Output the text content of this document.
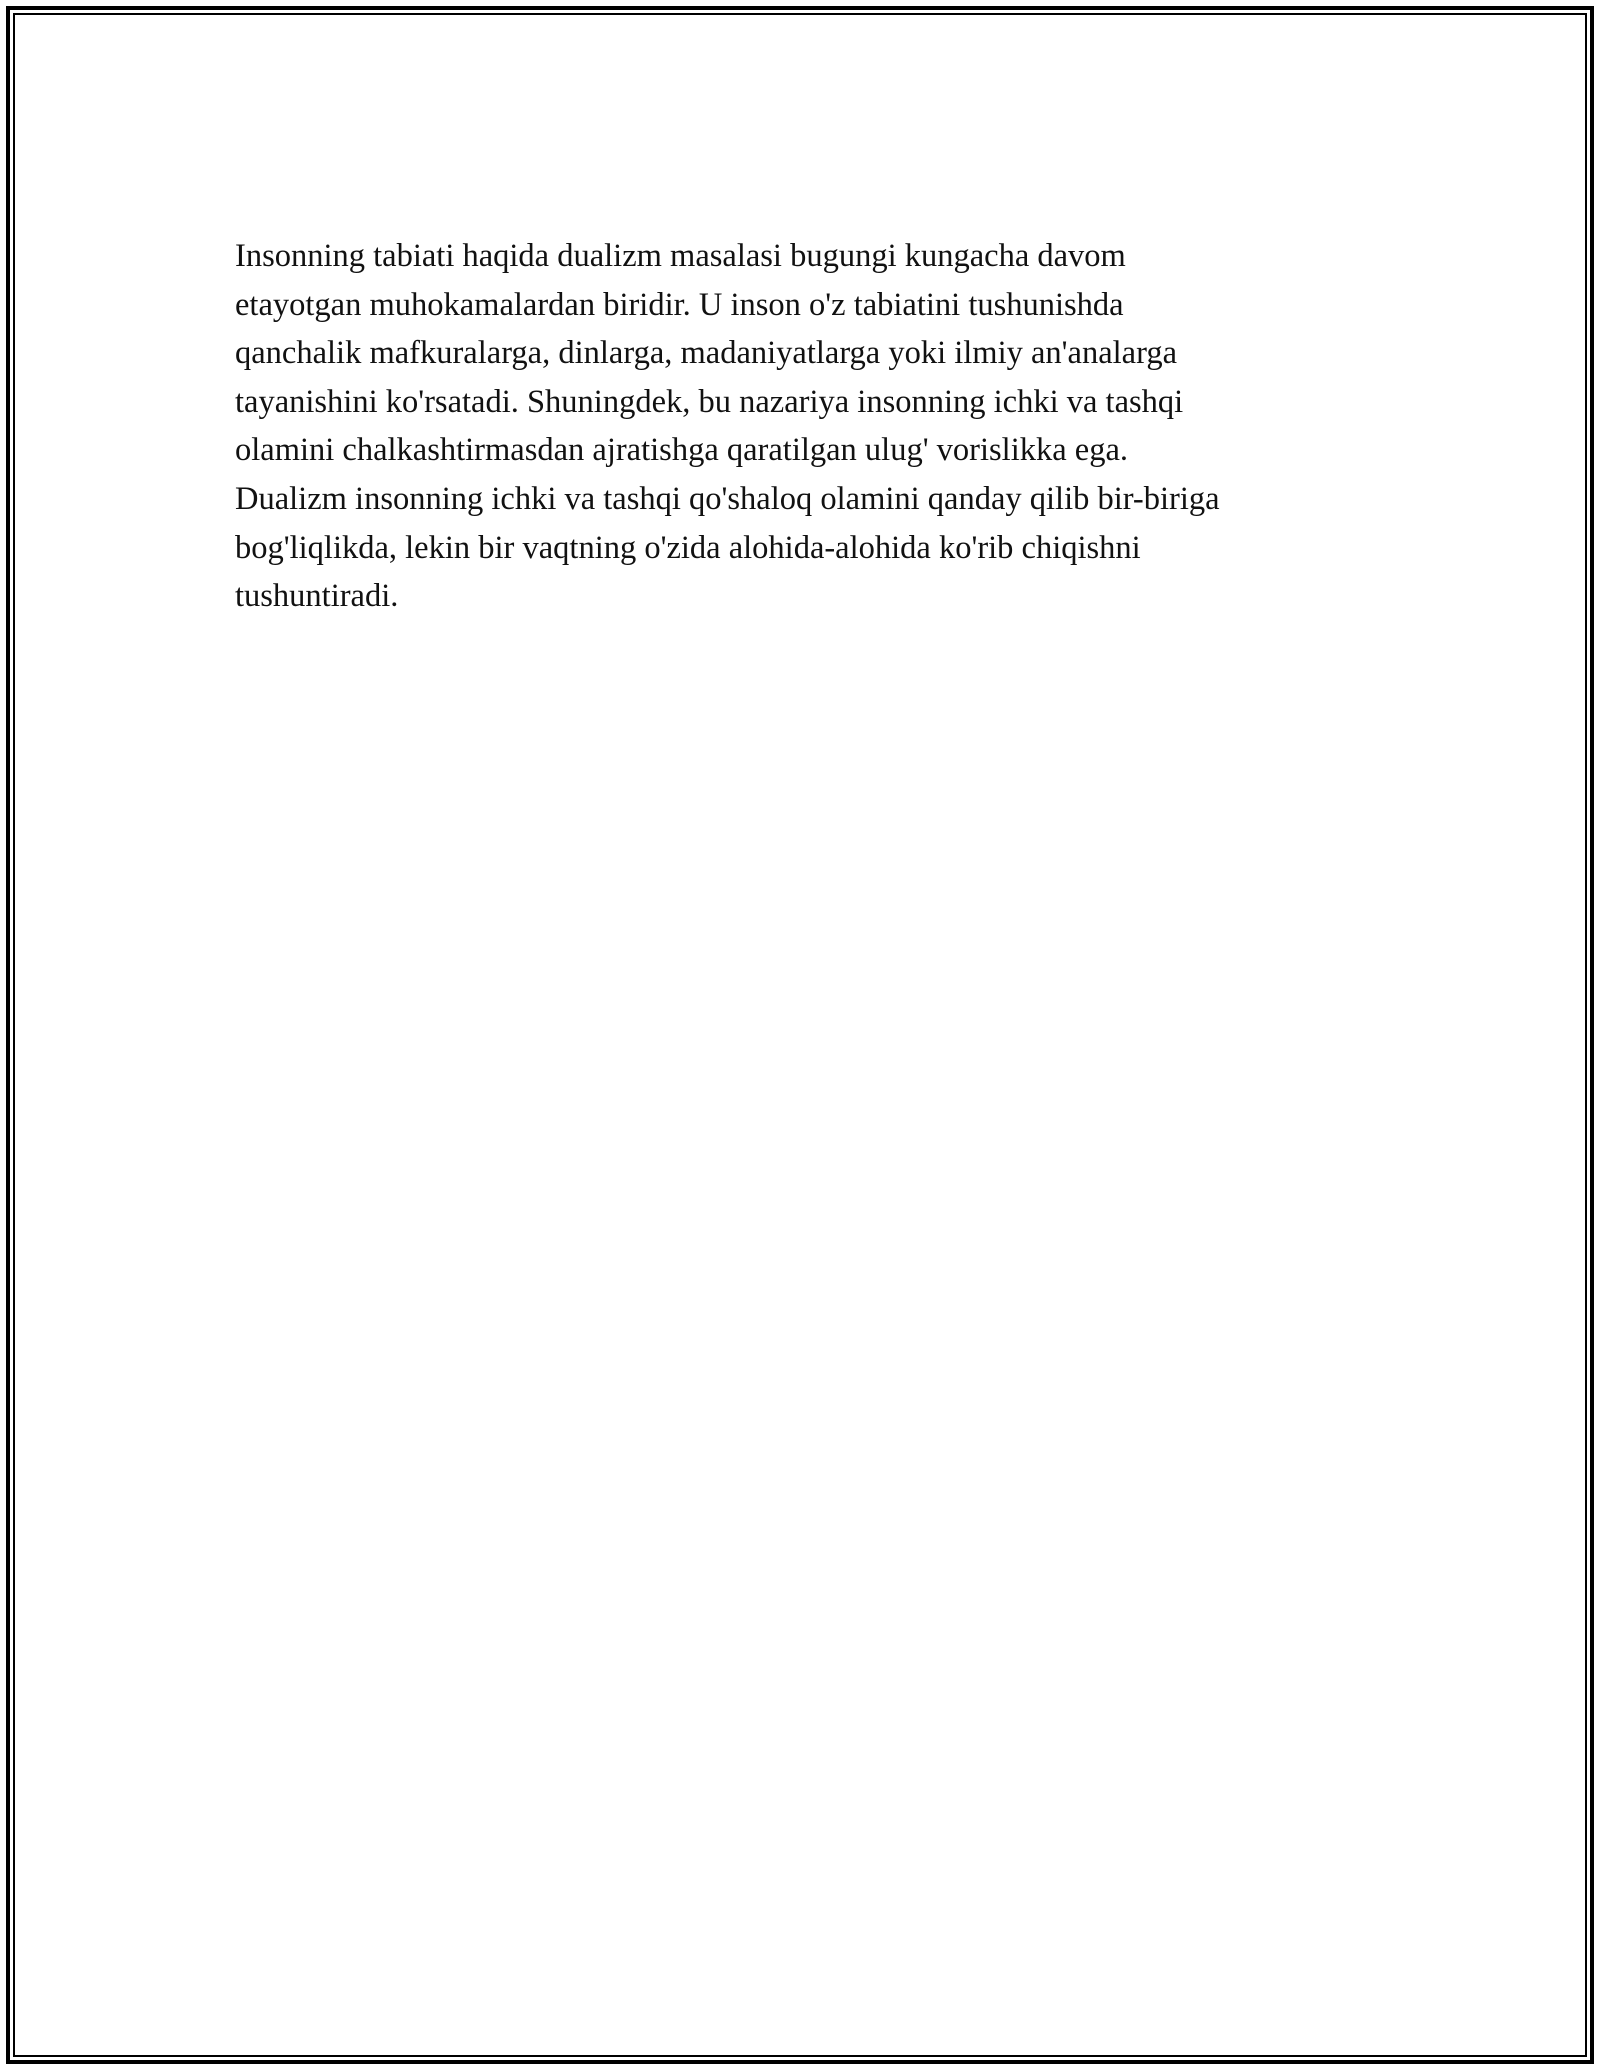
Insonning tabiati haqida dualizm masalasi bugungi kungacha davom
etayotgan muhokamalardan biridir. U inson o'z tabiatini tushunishda
qanchalik mafkuralarga, dinlarga, madaniyatlarga yoki ilmiy an'analarga
tayanishini ko'rsatadi. Shuningdek, bu nazariya insonning ichki va tashqi
olamini chalkashtirmasdan ajratishga qaratilgan ulug' vorislikka ega.
Dualizm insonning ichki va tashqi qo'shaloq olamini qanday qilib bir-biriga
bog'liqlikda, lekin bir vaqtning o'zida alohida-alohida ko'rib chiqishni
tushuntiradi.
